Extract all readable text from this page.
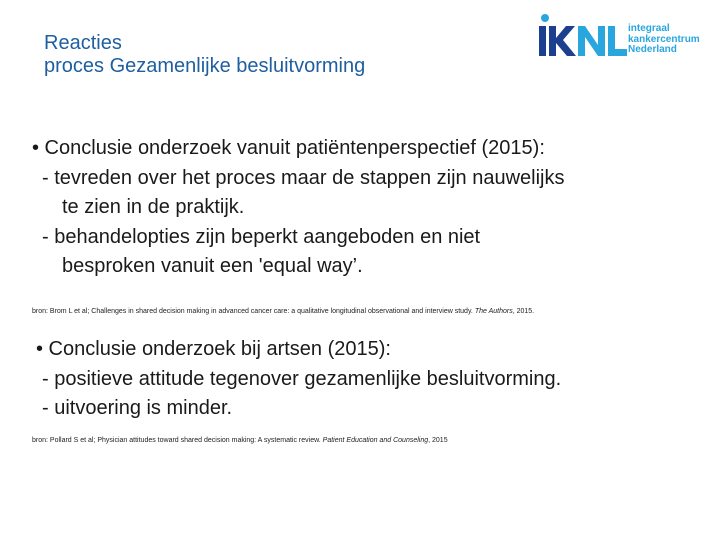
Reacties
proces Gezamenlijke besluitvorming
integraal
kankercentrum
Nederland
• Conclusie onderzoek vanuit patiëntenperspectief (2015):
- tevreden over het proces maar de stappen zijn nauwelijks
te zien in de praktijk.
- behandelopties zijn beperkt aangeboden en niet
besproken vanuit een 'equal way’.
bron: Brom L et al; Challenges in shared decision making in advanced cancer care: a qualitative longitudinal observational and interview study. The Authors, 2015.
• Conclusie onderzoek bij artsen (2015):
- positieve attitude tegenover gezamenlijke besluitvorming.
- uitvoering is minder.
bron: Pollard S et al; Physician attitudes toward shared decision making: A systematic review. Patient Education and Counseling, 2015
